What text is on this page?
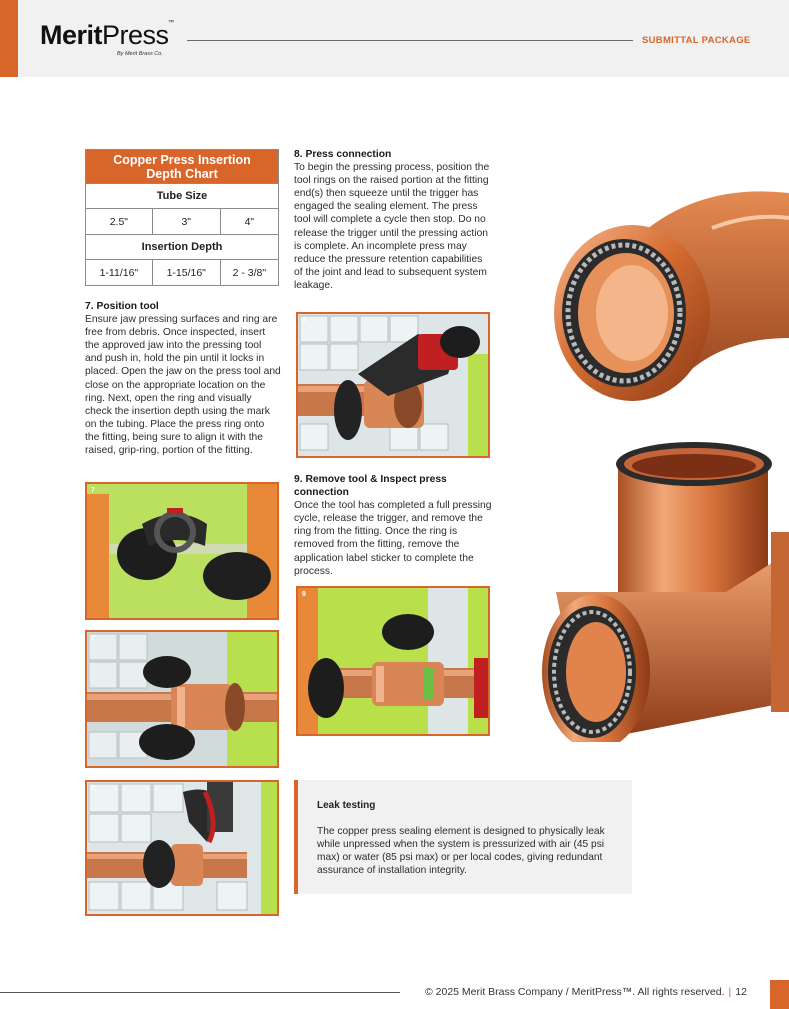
MeritPress ™
By Merit Brass Co.
SUBMITTAL PACKAGE
Copper Press Insertion
Depth Chart		
Tube Size		
2.5"	3"	4"
Insertion Depth		
1-11/16"	1-15/16"	2 - 3/8"
7. Position tool

Ensure jaw pressing surfaces and ring are free from debris. Once inspected, insert the approved jaw into the pressing tool and push in, hold the pin until it locks in placed. Open the jaw on the press tool and close on the appropriate location on the ring. Next, open the ring and visually check the insertion depth using the mark on the tubing. Place the press ring onto the fitting, being sure to align it with the raised, grip-ring, portion of the fitting.

8. Press connection

To begin the pressing process, position the tool rings on the raised portion at the fitting end(s) then squeeze until the trigger has engaged the sealing element. The press tool will complete a cycle then stop. Do no release the trigger until the pressing action is complete. An incomplete press may reduce the pressure retention capabilities of the joint and lead to subsequent system leakage.

9. Remove tool & Inspect press connection

Once the tool has completed a full pressing cycle, release the trigger, and remove the ring from the fitting. Once the ring is removed from the fitting, remove the application label sticker to complete the process.

7
7
7
8
9
Leak testing
The copper press sealing element is designed to physically leak while unpressed when the system is pressurized with air (45 psi max) or water (85 psi max) or per local codes, giving redundant assurance of installation integrity.
© 2025 Merit Brass Company / MeritPress™. All rights reserved. | 12
